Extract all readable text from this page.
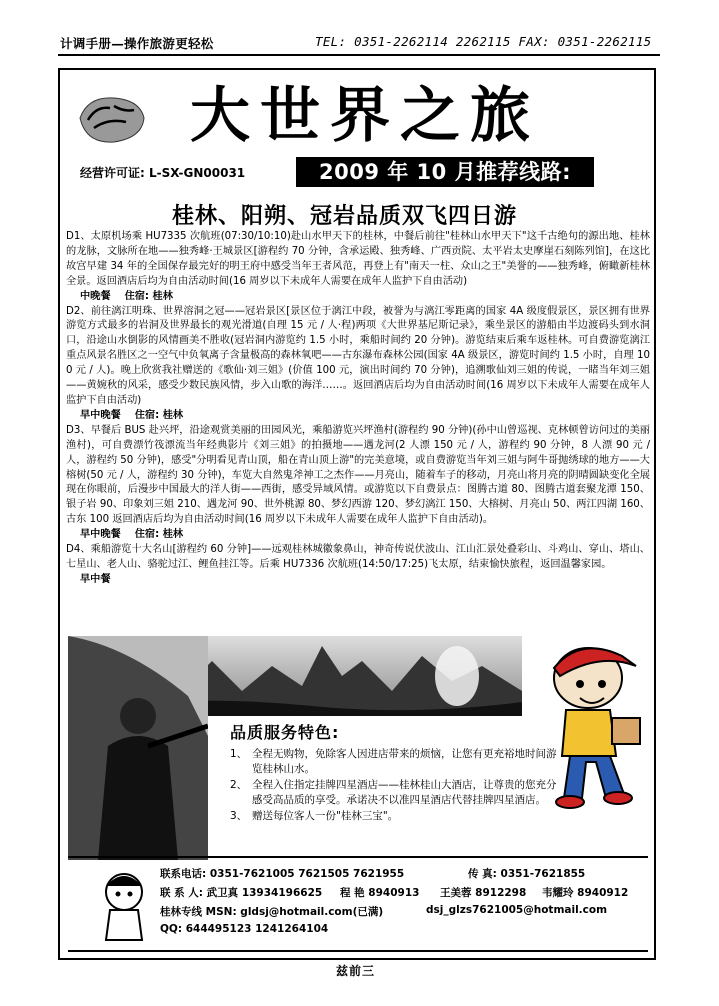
计调手册—操作旅游更轻松	TEL: 0351-2262114 2262115 FAX: 0351-2262115
大世界之旅
经营许可证: L-SX-GN00031	2009 年 10 月推荐线路:
桂林、阳朔、冠岩品质双飞四日游

D1、太原机场乘 HU7335 次航班(07:30/10:10)赴山水甲天下的桂林，中餐后前往"桂林山水甲天下"这千古绝句的源出地、桂林的龙脉，文脉所在地——独秀峰·王城景区[游程约 70 分钟，含承运殿、独秀峰、广西贡院、太平岩太史摩崖石刻陈列馆]，在这比故宫早建 34 年的全国保存最完好的明王府中感受当年王者风范，再登上有"南天一柱、众山之王"美誉的——独秀峰，俯瞰新桂林全景。返回酒店后均为自由活动时间(16 周岁以下未成年人需要在成年人监护下自由活动)

中晚餐 住宿: 桂林

D2、前往漓江明珠、世界溶洞之冠——冠岩景区[景区位于漓江中段，被誉为与漓江零距离的国家 4A 级度假景区，景区拥有世界游览方式最多的岩洞及世界最长的观光滑道(自理 15 元 / 人·程)两项《大世界基尼斯记录》，乘坐景区的游船由半边渡码头到水洞口，沿途山水倒影的风情画美不胜收(冠岩洞内游览约 1.5 小时，乘船时间约 20 分钟)。游览结束后乘车返桂林。可自费游览漓江重点风景名胜区之一空气中负氧离子含量极高的森林氧吧——古东瀑布森林公园(国家 4A 级景区，游览时间约 1.5 小时，自理 100 元 / 人)。晚上欣赏我社赠送的《歌仙·刘三姐》(价值 100 元，演出时间约 70 分钟)，追溯歌仙刘三姐的传说，一睹当年刘三姐——黄婉秋的风采，感受少数民族风情，步入山歌的海洋……。返回酒店后均为自由活动时间(16 周岁以下未成年人需要在成年人监护下自由活动)

早中晚餐 住宿: 桂林

D3、早餐后 BUS 赴兴坪，沿途观赏美丽的田园风光，乘船游览兴坪渔村(游程约 90 分钟)(孙中山曾巡视、克林顿曾访问过的美丽渔村)，可自费漂竹筏漂流当年经典影片《刘三姐》的拍摄地——遇龙河(2 人漂 150 元 / 人，游程约 90 分钟，8 人漂 90 元 / 人，游程约 50 分钟)，感受"分明看见青山顶，船在青山顶上游"的完美意境，或自费游览当年刘三姐与阿牛哥抛绣球的地方——大榕树(50 元 / 人，游程约 30 分钟)，车览大自然鬼斧神工之杰作——月亮山，随着车子的移动，月亮山将月亮的阴晴圆缺变化全展现在你眼前，后漫步中国最大的洋人街——西街，感受异域风情。或游览以下自费景点：图腾古道 80、图腾古道套聚龙潭 150、银子岩 90、印象刘三姐 210、遇龙河 90、世外桃源 80、梦幻西游 120、梦幻漓江 150、大榕树、月亮山 50、两江四湖 160、古东 100 返回酒店后均为自由活动时间(16 周岁以下未成年人需要在成年人监护下自由活动)。

早中晚餐 住宿: 桂林

D4、乘船游览十大名山[游程约 60 分钟]——远观桂林城徽象鼻山，神奇传说伏波山、江山汇景处叠彩山、斗鸡山、穿山、塔山、七星山、老人山、骆驼过江、鲤鱼挂江等。后乘 HU7336 次航班(14:50/17:25)飞太原，结束愉快旅程，返回温馨家园。

早中餐

品质服务特色:
1、 全程无购物，免除客人因进店带来的烦恼，让您有更充裕地时间游览桂林山水。
2、 全程入住指定挂牌四星酒店——桂林桂山大酒店，让尊贵的您充分感受高品质的享受。承诺决不以准四星酒店代替挂牌四星酒店。
3、 赠送每位客人一份"桂林三宝"。
联系电话: 0351-7621005 7621505 7621955	传 真: 0351-7621855
联 系 人: 武卫真 13934196625 程 艳 8940913 王美蓉 8912298 韦耀玲 8940912
桂林专线 MSN: gldsj@hotmail.com(已满)	dsj_glzs7621005@hotmail.com
QQ: 644495123 1241264104
兹前三
